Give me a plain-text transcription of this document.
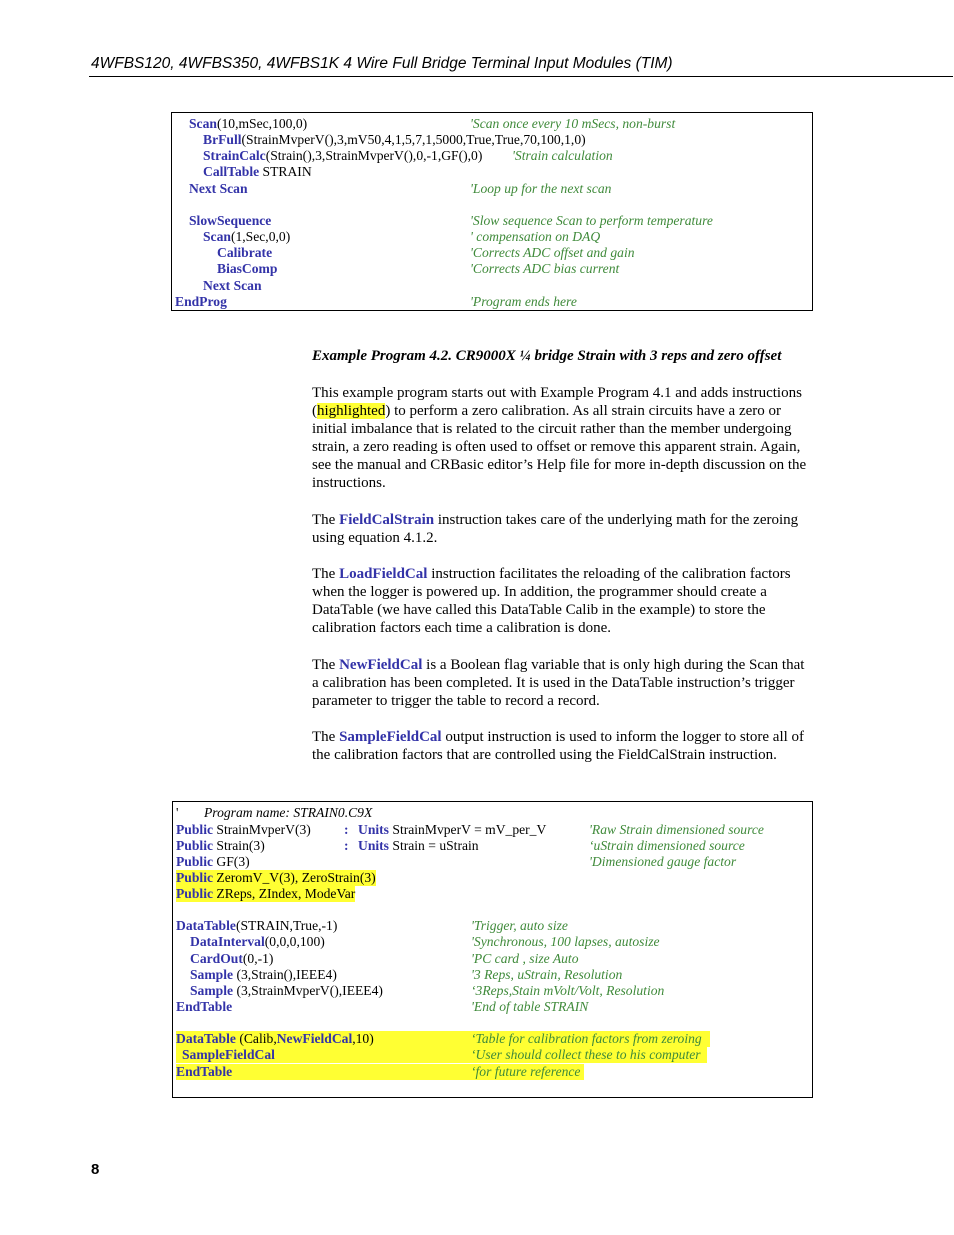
4WFBS120, 4WFBS350, 4WFBS1K 4 Wire Full Bridge Terminal Input Modules (TIM)
Scan(10,mSec,100,0)	'Scan once every 10 mSecs, non-burst
BrFull(StrainMvperV(),3,mV50,4,1,5,7,1,5000,True,True,70,100,1,0)
StrainCalc(Strain(),3,StrainMvperV(),0,-1,GF(),0) 'Strain calculation
CallTable STRAIN
Next Scan	'Loop up for the next scan
SlowSequence	'Slow sequence Scan to perform temperature
Scan(1,Sec,0,0)	' compensation on DAQ
Calibrate	'Corrects ADC offset and gain
BiasComp	'Corrects ADC bias current
Next Scan
EndProg	'Program ends here
Example Program 4.2. CR9000X ¼ bridge Strain with 3 reps and zero offset
This example program starts out with Example Program 4.1 and adds instructions (highlighted) to perform a zero calibration. As all strain circuits have a zero or initial imbalance that is related to the circuit rather than the member undergoing strain, a zero reading is often used to offset or remove this apparent strain. Again, see the manual and CRBasic editor’s Help file for more in-depth discussion on the instructions.
The FieldCalStrain instruction takes care of the underlying math for the zeroing using equation 4.1.2.
The LoadFieldCal instruction facilitates the reloading of the calibration factors when the logger is powered up. In addition, the programmer should create a DataTable (we have called this DataTable Calib in the example) to store the calibration factors each time a calibration is done.
The NewFieldCal is a Boolean flag variable that is only high during the Scan that a calibration has been completed. It is used in the DataTable instruction’s trigger parameter to trigger the table to record a record.
The SampleFieldCal output instruction is used to inform the logger to store all of the calibration factors that are controlled using the FieldCalStrain instruction.
' Program name: STRAIN0.C9X
Public StrainMvperV(3) : Units StrainMvperV = mV_per_V	'Raw Strain dimensioned source
Public Strain(3)	: Units Strain = uStrain	‘uStrain dimensioned source
Public GF(3)	'Dimensioned gauge factor
Public ZeromV_V(3), ZeroStrain(3)
Public ZReps, ZIndex, ModeVar
DataTable(STRAIN,True,-1)	'Trigger, auto size
DataInterval(0,0,0,100)	'Synchronous, 100 lapses, autosize
CardOut(0,-1)	'PC card , size Auto
Sample (3,Strain(),IEEE4)	'3 Reps, uStrain, Resolution
Sample (3,StrainMvperV(),IEEE4)	‘3Reps,Stain mVolt/Volt, Resolution
EndTable	'End of table STRAIN
DataTable (Calib,NewFieldCal,10)	‘Table for calibration factors from zeroing
SampleFieldCal	‘User should collect these to his computer
EndTable	‘for future reference
8
